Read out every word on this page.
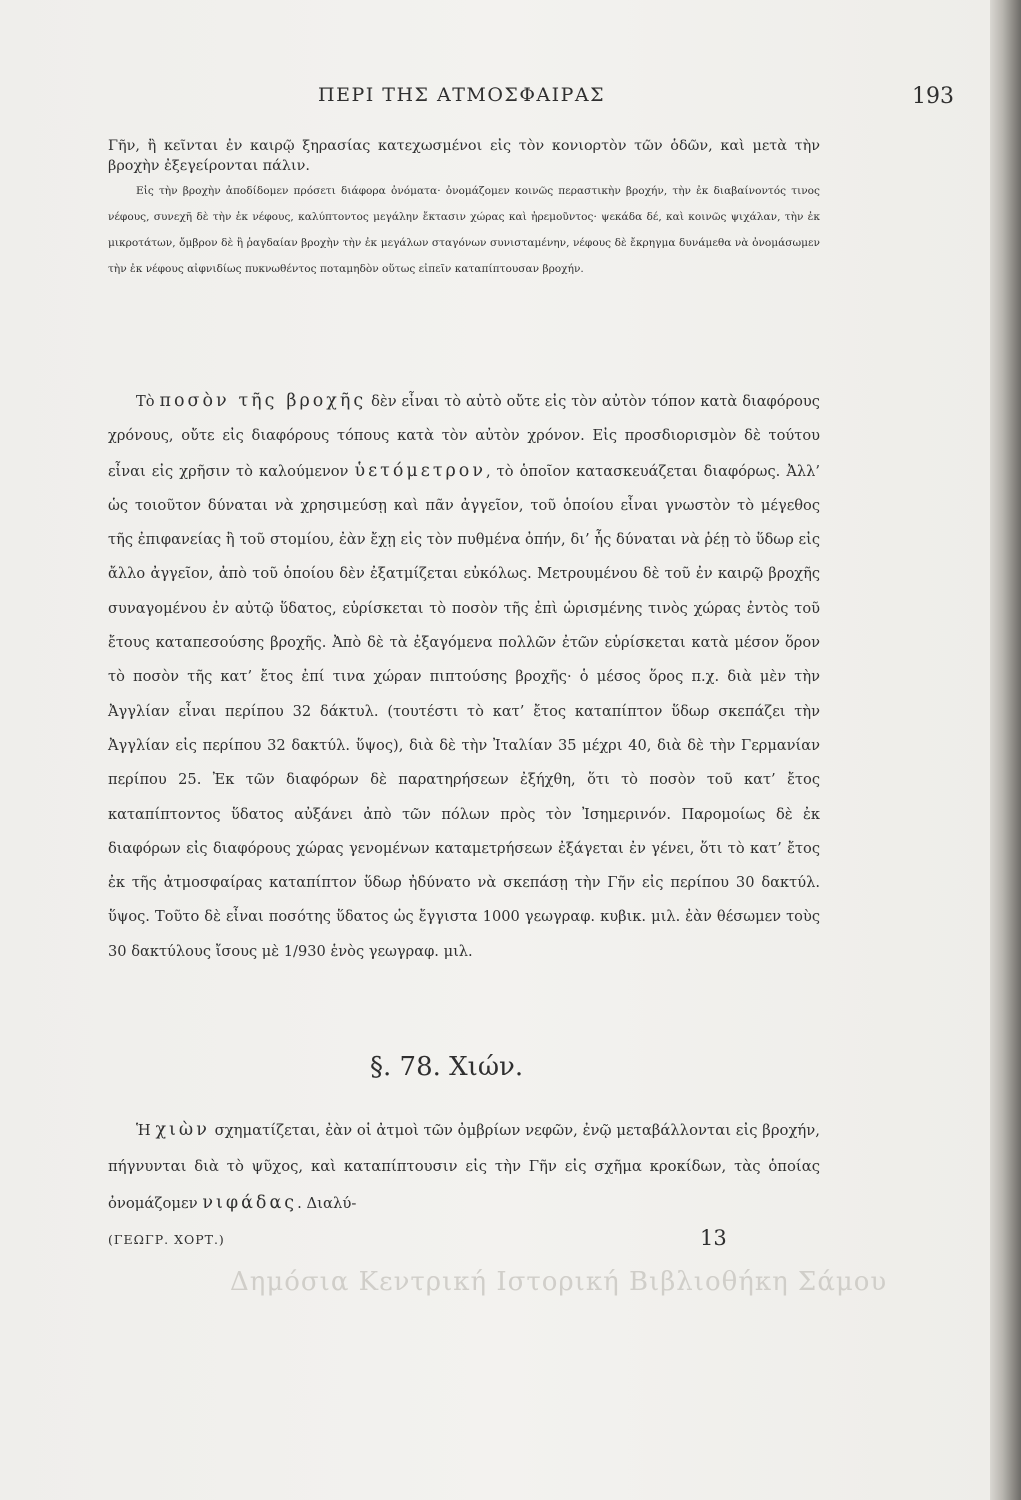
ΠΕΡΙ ΤΗΣ ΑΤΜΟΣΦΑΙΡΑΣ	193

Γῆν, ἢ κεῖνται ἐν καιρῷ ξηρασίας κατεχωσμένοι εἰς τὸν κονιορτὸν τῶν ὁδῶν, καὶ μετὰ τὴν βροχὴν ἐξεγείρονται πάλιν.

Εἰς τὴν βροχὴν ἀποδίδομεν πρόσετι διάφορα ὀνόματα· ὀνομάζομεν κοινῶς περαστικὴν βροχήν, τὴν ἐκ διαβαίνοντός τινος νέφους, συνεχῆ δὲ τὴν ἐκ νέφους, καλύπτοντος μεγάλην ἔκτασιν χώρας καὶ ἠρεμοῦντος· ψεκάδα δέ, καὶ κοινῶς ψιχάλαν, τὴν ἐκ μικροτάτων, ὄμβρον δὲ ἢ ῥαγδαίαν βροχὴν τὴν ἐκ μεγάλων σταγόνων συνισταμένην, νέφους δὲ ἔκρηγμα δυνάμεθα νὰ ὀνομάσωμεν τὴν ἐκ νέφους αἰφνιδίως πυκνωθέντος ποταμηδὸν οὕτως εἰπεῖν καταπίπτουσαν βροχήν.

Τὸ ποσὸν τῆς βροχῆς δὲν εἶναι τὸ αὐτὸ οὔτε εἰς τὸν αὐτὸν τόπον κατὰ διαφόρους χρόνους, οὔτε εἰς διαφόρους τόπους κατὰ τὸν αὐτὸν χρόνον. Εἰς προσδιορισμὸν δὲ τούτου εἶναι εἰς χρῆσιν τὸ καλούμενον ὑετόμετρον, τὸ ὁποῖον κατασκευάζεται διαφόρως. Ἀλλ’ ὡς τοιοῦτον δύναται νὰ χρησιμεύσῃ καὶ πᾶν ἀγγεῖον, τοῦ ὁποίου εἶναι γνωστὸν τὸ μέγεθος τῆς ἐπιφανείας ἢ τοῦ στομίου, ἐὰν ἔχῃ εἰς τὸν πυθμένα ὀπήν, δι’ ἧς δύναται νὰ ῥέῃ τὸ ὕδωρ εἰς ἄλλο ἀγγεῖον, ἀπὸ τοῦ ὁποίου δὲν ἐξατμίζεται εὐκόλως. Μετρουμένου δὲ τοῦ ἐν καιρῷ βροχῆς συναγομένου ἐν αὐτῷ ὕδατος, εὑρίσκεται τὸ ποσὸν τῆς ἐπὶ ὡρισμένης τινὸς χώρας ἐντὸς τοῦ ἔτους καταπεσούσης βροχῆς. Ἀπὸ δὲ τὰ ἐξαγόμενα πολλῶν ἐτῶν εὑρίσκεται κατὰ μέσον ὅρον τὸ ποσὸν τῆς κατ’ ἔτος ἐπί τινα χώραν πιπτούσης βροχῆς· ὁ μέσος ὅρος π.χ. διὰ μὲν τὴν Ἀγγλίαν εἶναι περίπου 32 δάκτυλ. (τουτέστι τὸ κατ’ ἔτος καταπίπτον ὕδωρ σκεπάζει τὴν Ἀγγλίαν εἰς περίπου 32 δακτύλ. ὕψος), διὰ δὲ τὴν Ἰταλίαν 35 μέχρι 40, διὰ δὲ τὴν Γερμανίαν περίπου 25. Ἐκ τῶν διαφόρων δὲ παρατηρήσεων ἐξήχθη, ὅτι τὸ ποσὸν τοῦ κατ’ ἔτος καταπίπτοντος ὕδατος αὐξάνει ἀπὸ τῶν πόλων πρὸς τὸν Ἰσημερινόν. Παρομοίως δὲ ἐκ διαφόρων εἰς διαφόρους χώρας γενομένων καταμετρήσεων ἐξάγεται ἐν γένει, ὅτι τὸ κατ’ ἔτος ἐκ τῆς ἀτμοσφαίρας καταπίπτον ὕδωρ ἠδύνατο νὰ σκεπάσῃ τὴν Γῆν εἰς περίπου 30 δακτύλ. ὕψος. Τοῦτο δὲ εἶναι ποσότης ὕδατος ὡς ἔγγιστα 1000 γεωγραφ. κυβικ. μιλ. ἐὰν θέσωμεν τοὺς 30 δακτύλους ἴσους μὲ 1/930 ἑνὸς γεωγραφ. μιλ.

§. 78. Χιών.

Ἡ χιὼν σχηματίζεται, ἐὰν οἱ ἀτμοὶ τῶν ὀμβρίων νεφῶν, ἐνῷ μεταβάλλονται εἰς βροχήν, πήγνυνται διὰ τὸ ψῦχος, καὶ καταπίπτουσιν εἰς τὴν Γῆν εἰς σχῆμα κροκίδων, τὰς ὁποίας ὀνομάζομεν νιφάδας. Διαλύ-

(ΓΕΩΓΡ. ΧΟΡΤ.)	13
Δημόσια Κεντρική Ιστορική Βιβλιοθήκη Σάμου
